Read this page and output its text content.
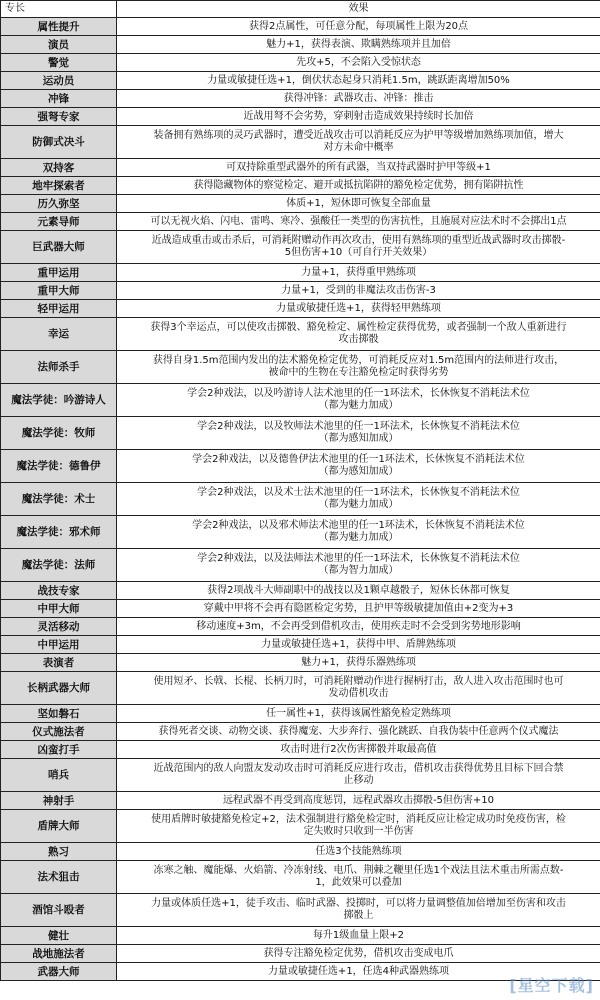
专长	效果
属性提升	获得2点属性，可任意分配，每项属性上限为20点

演员	魅力+1，获得表演、欺瞒熟练项并且加倍

警觉	先攻+5，不会陷入受惊状态

运动员	力量或敏捷任选+1，倒伏状态起身只消耗1.5m，跳跃距离增加50%

冲锋	获得冲锋：武器攻击、冲锋：推击

强弩专家	近战用弩不会劣势，穿刺射击造成效果持续时长加倍

防御式决斗	装备拥有熟练项的灵巧武器时，遭受近战攻击可以消耗反应为护甲等级增加熟练项加值，增大
对方未命中概率

双持客	可双持除重型武器外的所有武器，当双持武器时护甲等级+1

地牢探索者	获得隐藏物体的察觉检定、避开或抵抗陷阱的豁免检定优势，拥有陷阱抗性

历久弥坚	体质+1，短休即可恢复全部血量

元素导师	可以无视火焰、闪电、雷鸣、寒冷、强酸任一类型的伤害抗性，且施展对应法术时不会掷出1点

巨武器大师	近战造成重击或击杀后，可消耗附赠动作再次攻击，使用有熟练项的重型近战武器时攻击掷骰-
5但伤害+10（可自行开关效果）

重甲运用	力量+1，获得重甲熟练项

重甲大师	力量+1，受到的非魔法攻击伤害-3

轻甲运用	力量或敏捷任选+1，获得轻甲熟练项

幸运	获得3个幸运点，可以使攻击掷骰、豁免检定、属性检定获得优势，或者强制一个敌人重新进行
攻击掷骰

法师杀手	获得自身1.5m范围内发出的法术豁免检定优势，可消耗反应对1.5m范围内的法师进行攻击，
被命中的生物在专注豁免检定时获得劣势

魔法学徒：吟游诗人	学会2种戏法，以及吟游诗人法术池里的任一1环法术，长休恢复不消耗法术位
（都为魅力加成）

魔法学徒：牧师	学会2种戏法，以及牧师法术池里的任一1环法术，长休恢复不消耗法术位
（都为感知加成）

魔法学徒：德鲁伊	学会2种戏法，以及德鲁伊法术池里的任一1环法术，长休恢复不消耗法术位
（都为感知加成）

魔法学徒：术士	学会2种戏法，以及术士法术池里的任一1环法术，长休恢复不消耗法术位
（都为魅力加成）

魔法学徒：邪术师	学会2种戏法，以及邪术师法术池里的任一1环法术，长休恢复不消耗法术位
（都为魅力加成）

魔法学徒：法师	学会2种戏法，以及法师法术池里的任一1环法术，长休恢复不消耗法术位
（都为智力加成）

战技专家	获得2项战斗大师副职中的战技以及1颗卓越骰子，短休长休都可恢复

中甲大师	穿戴中甲将不会再有隐匿检定劣势，且护甲等级敏捷加值由+2变为+3

灵活移动	移动速度+3m，不会再受到借机攻击，使用疾走时不会受到劣势地形影响

中甲运用	力量或敏捷任选+1，获得中甲、盾牌熟练项

表演者	魅力+1，获得乐器熟练项

长柄武器大师	使用短矛、长戟、长棍、长柄刀时，可消耗附赠动作进行握柄打击，敌人进入攻击范围时也可
发动借机攻击

坚如磐石	任一属性+1，获得该属性豁免检定熟练项

仪式施法者	获得死者交谈、动物交谈、获得魔宠、大步奔行、强化跳跃、自我伪装中任意两个仪式魔法

凶蛮打手	攻击时进行2次伤害掷骰并取最高值

哨兵	近战范围内的敌人向盟友发动攻击时可消耗反应进行攻击，借机攻击获得优势且目标下回合禁
止移动

神射手	远程武器不再受到高度惩罚，远程武器攻击掷骰-5但伤害+10

盾牌大师	使用盾牌时敏捷豁免检定+2，法术强制进行豁免检定时，消耗反应让检定成功时免疫伤害，检
定失败时只收到一半伤害

熟习	任选3个技能熟练项

法术狙击	冻寒之触、魔能爆、火焰箭、冷冻射线、电爪、荆棘之鞭里任选1个戏法且法术重击所需点数-
1，此效果可以叠加

酒馆斗殴者	力量或体质任选+1，徒手攻击、临时武器、投掷时，可以将力量调整值加倍增加至伤害和攻击
掷骰上

健壮	每升1级血量上限+2

战地施法者	获得专注豁免检定优势，借机攻击变成电爪

武器大师	力量或敏捷任选+1，任选4种武器熟练项
[星空下载]
